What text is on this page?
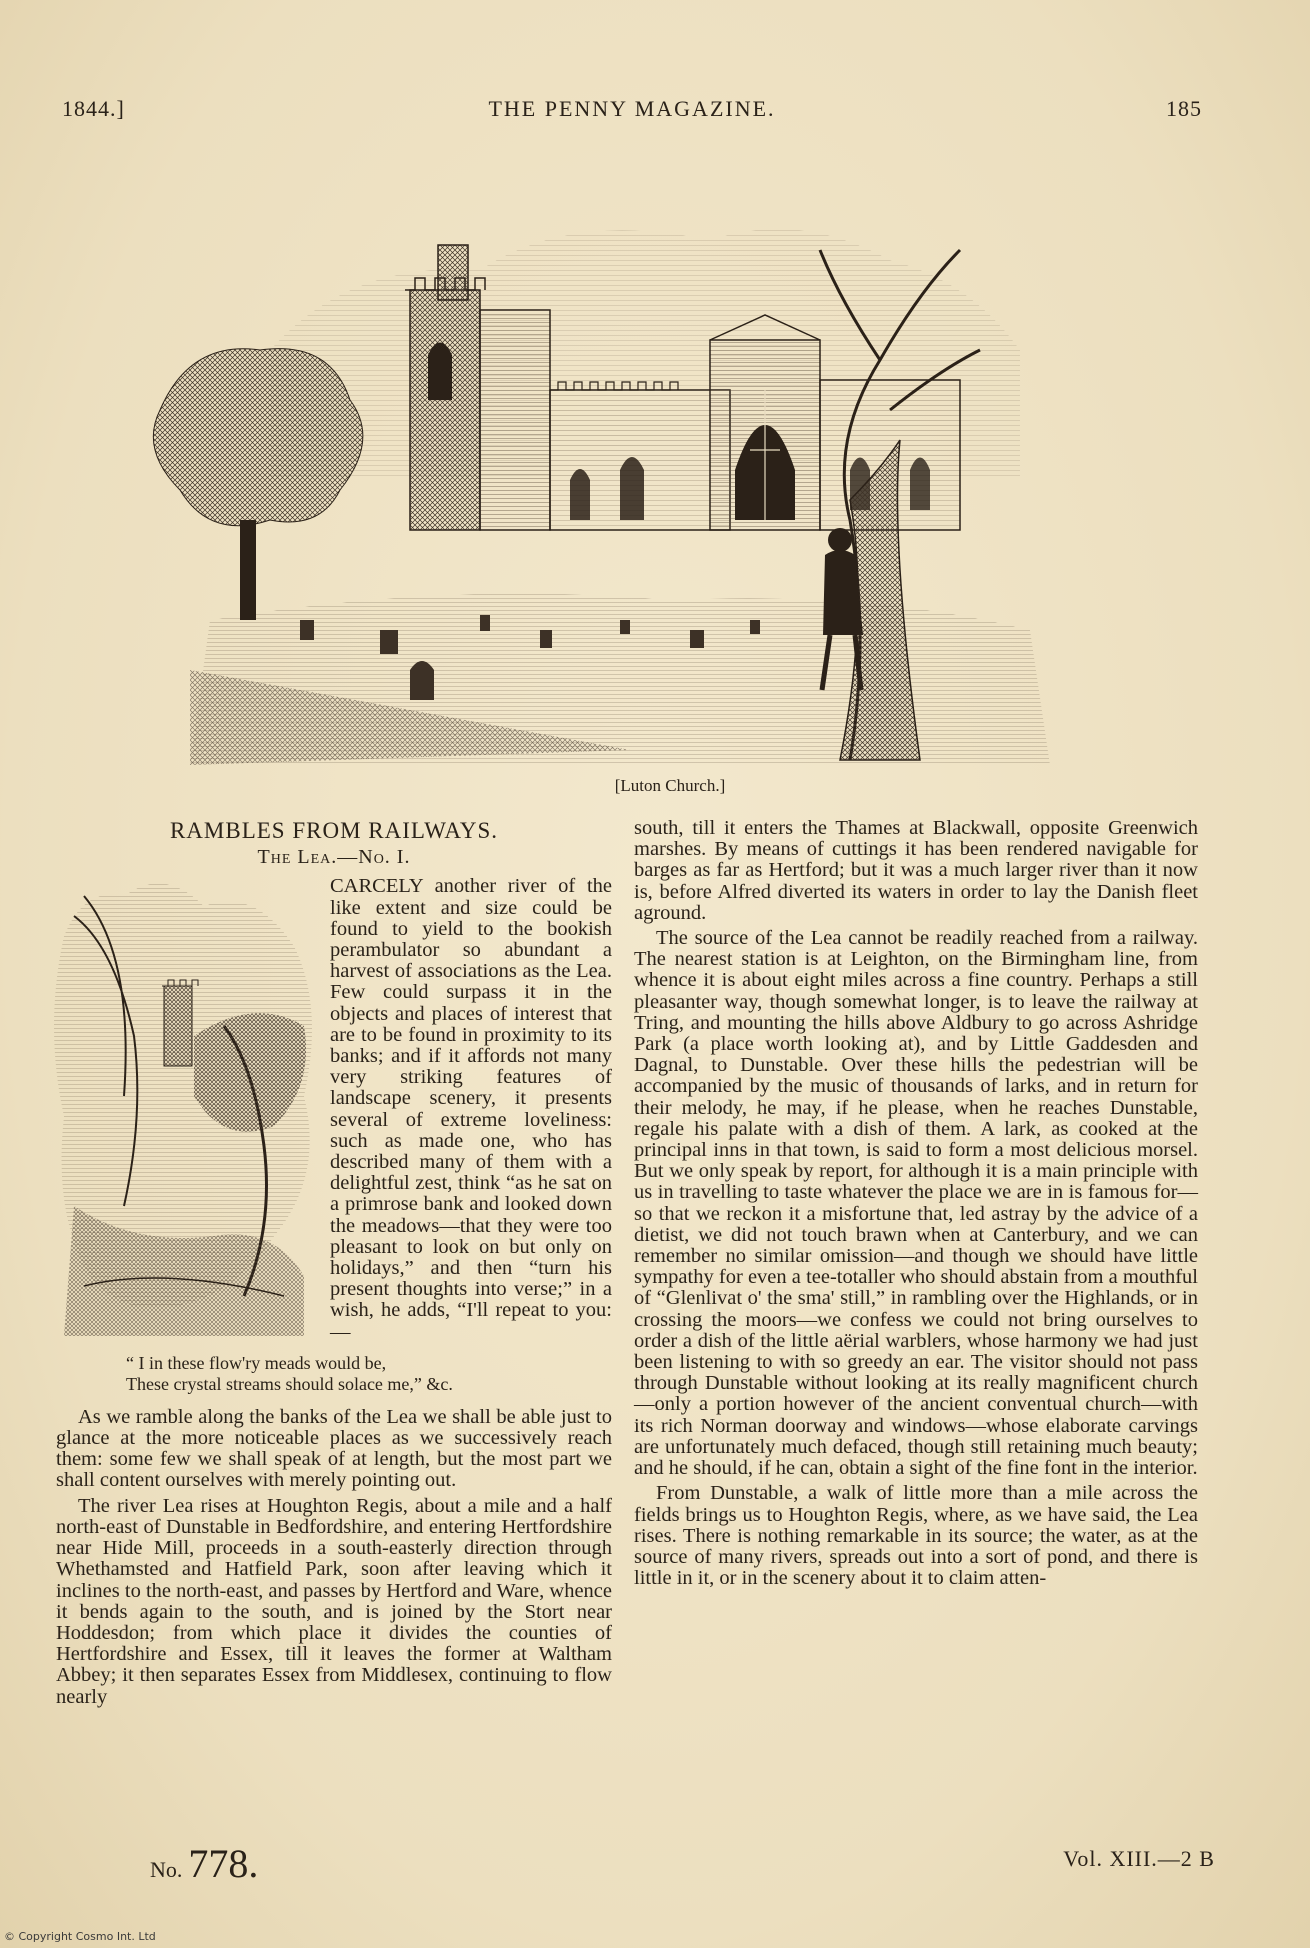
1844.]	THE PENNY MAGAZINE.	185
[Luton Church.]
RAMBLES FROM RAILWAYS.
The Lea.—No. I.

CARCELY another river of the like extent and size could be found to yield to the bookish perambulator so abundant a harvest of associations as the Lea. Few could surpass it in the objects and places of interest that are to be found in proximity to its banks; and if it affords not many very striking features of landscape scenery, it presents several of extreme loveliness: such as made one, who has described many of them with a delightful zest, think “as he sat on a primrose bank and looked down the meadows—that they were too pleasant to look on but only on holidays,” and then “turn his present thoughts into verse;” in a wish, he adds, “I'll repeat to you:—

“ I in these flow'ry meads would be,
These crystal streams should solace me,” &c.

As we ramble along the banks of the Lea we shall be able just to glance at the more noticeable places as we successively reach them: some few we shall speak of at length, but the most part we shall content ourselves with merely pointing out.

The river Lea rises at Houghton Regis, about a mile and a half north-east of Dunstable in Bedfordshire, and entering Hertfordshire near Hide Mill, proceeds in a south-easterly direction through Whethamsted and Hatfield Park, soon after leaving which it inclines to the north-east, and passes by Hertford and Ware, whence it bends again to the south, and is joined by the Stort near Hoddesdon; from which place it divides the counties of Hertfordshire and Essex, till it leaves the former at Waltham Abbey; it then separates Essex from Middlesex, continuing to flow nearly

south, till it enters the Thames at Blackwall, opposite Greenwich marshes. By means of cuttings it has been rendered navigable for barges as far as Hertford; but it was a much larger river than it now is, before Alfred diverted its waters in order to lay the Danish fleet aground.

The source of the Lea cannot be readily reached from a railway. The nearest station is at Leighton, on the Birmingham line, from whence it is about eight miles across a fine country. Perhaps a still pleasanter way, though somewhat longer, is to leave the railway at Tring, and mounting the hills above Aldbury to go across Ashridge Park (a place worth looking at), and by Little Gaddesden and Dagnal, to Dunstable. Over these hills the pedestrian will be accompanied by the music of thousands of larks, and in return for their melody, he may, if he please, when he reaches Dunstable, regale his palate with a dish of them. A lark, as cooked at the principal inns in that town, is said to form a most delicious morsel. But we only speak by report, for although it is a main principle with us in travelling to taste whatever the place we are in is famous for—so that we reckon it a misfortune that, led astray by the advice of a dietist, we did not touch brawn when at Canterbury, and we can remember no similar omission—and though we should have little sympathy for even a tee-totaller who should abstain from a mouthful of “Glenlivat o' the sma' still,” in rambling over the Highlands, or in crossing the moors—we confess we could not bring ourselves to order a dish of the little aërial warblers, whose harmony we had just been listening to with so greedy an ear. The visitor should not pass through Dunstable without looking at its really magnificent church—only a portion however of the ancient conventual church—with its rich Norman doorway and windows—whose elaborate carvings are unfortunately much defaced, though still retaining much beauty; and he should, if he can, obtain a sight of the fine font in the interior.

From Dunstable, a walk of little more than a mile across the fields brings us to Houghton Regis, where, as we have said, the Lea rises. There is nothing remarkable in its source; the water, as at the source of many rivers, spreads out into a sort of pond, and there is little in it, or in the scenery about it to claim atten-

No. 778.	Vol. XIII.—2 B
© Copyright Cosmo Int. Ltd
